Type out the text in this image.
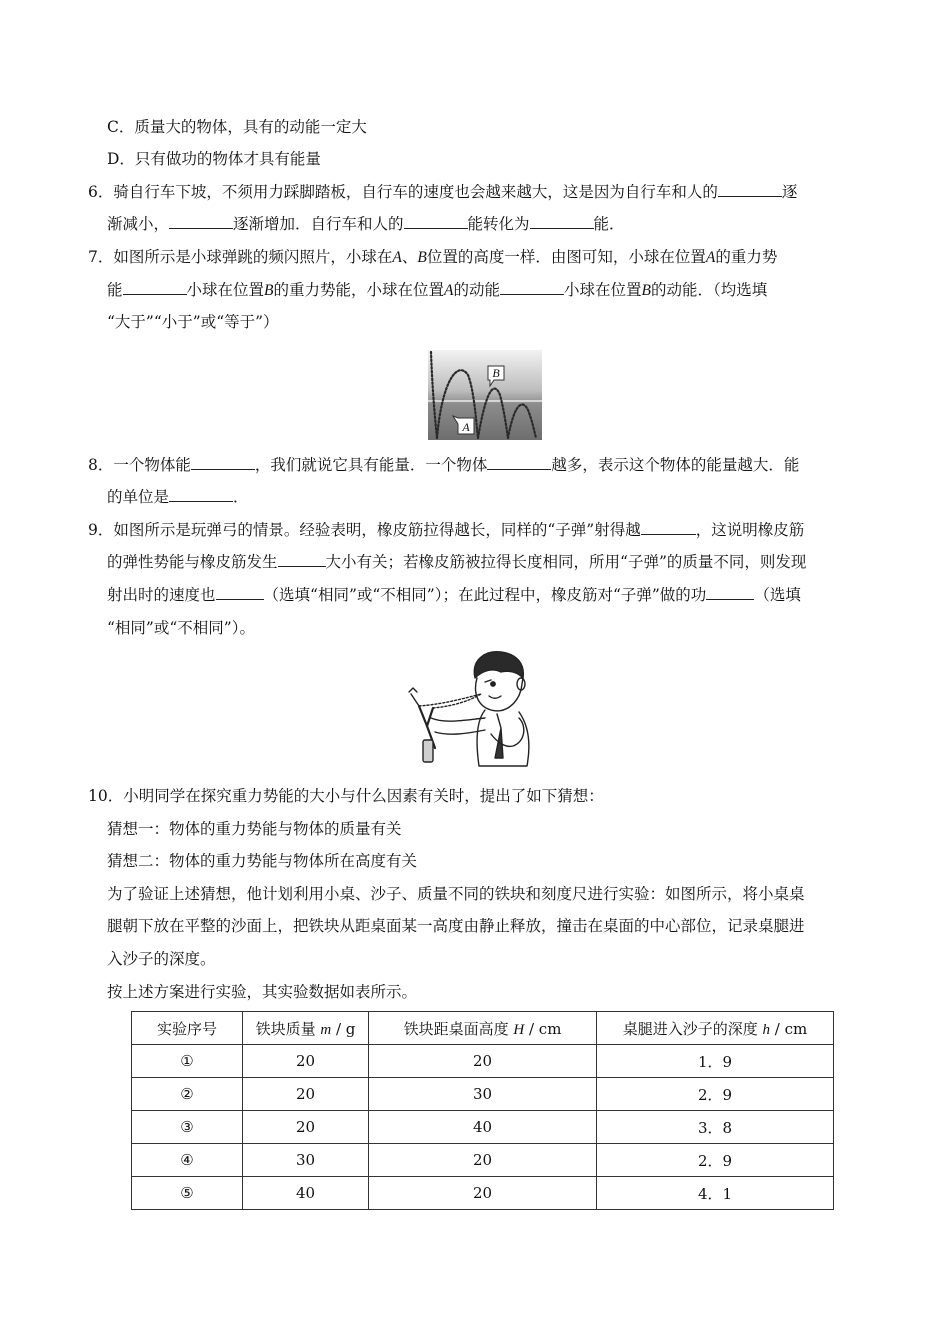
C．质量大的物体，具有的动能一定大
D．只有做功的物体才具有能量
6．骑自行车下坡，不须用力踩脚踏板，自行车的速度也会越来越大，这是因为自行车和人的	逐
渐减小，	逐渐增加．自行车和人的	能转化为	能．
7．如图所示是小球弹跳的频闪照片，小球在A、B位置的高度一样．由图可知，小球在位置A的重力势
能	小球在位置B的重力势能，小球在位置A的动能	小球在位置B的动能．（均选填
“大于”“小于”或“等于”）
B
A
8．一个物体能	，我们就说它具有能量．一个物体	越多，表示这个物体的能量越大．能
的单位是	．
9．如图所示是玩弹弓的情景。经验表明，橡皮筋拉得越长，同样的“子弹”射得越	，这说明橡皮筋
的弹性势能与橡皮筋发生	大小有关；若橡皮筋被拉得长度相同，所用“子弹”的质量不同，则发现
射出时的速度也	（选填“相同”或“不相同”）；在此过程中，橡皮筋对“子弹”做的功	（选填
“相同”或“不相同”）。
10．小明同学在探究重力势能的大小与什么因素有关时，提出了如下猜想：
猜想一：物体的重力势能与物体的质量有关
猜想二：物体的重力势能与物体所在高度有关
为了验证上述猜想，他计划利用小桌、沙子、质量不同的铁块和刻度尺进行实验：如图所示，将小桌桌
腿朝下放在平整的沙面上，把铁块从距桌面某一高度由静止释放，撞击在桌面的中心部位，记录桌腿进
入沙子的深度。
按上述方案进行实验，其实验数据如表所示。
实验序号	铁块质量 m / g	铁块距桌面高度 H / cm	桌腿进入沙子的深度 h / cm
①	20	20	1．9
②	20	30	2．9
③	20	40	3．8
④	30	20	2．9
⑤	40	20	4．1
